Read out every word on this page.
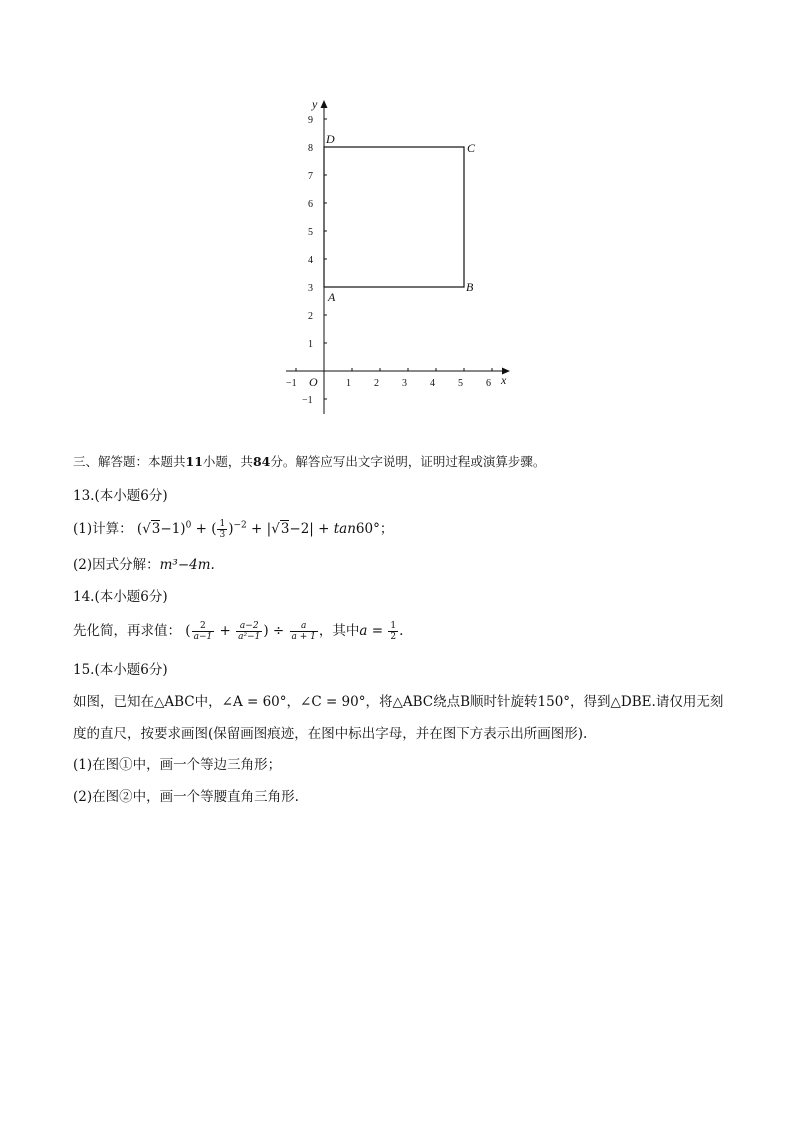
x
y
O
−1	1 2 3 4 5 6
9
8
7
6
5
4
3
2
1
−1
A
B
C
D
三、解答题：本题共11小题，共84分。解答应写出文字说明，证明过程或演算步骤。
13.(本小题6分)
(1)计算： $(√3-1)^0$ + ( $\frac{1}{3} )^{-2} + |√3-2| + \tan 60^\circ$；
(2)因式分解：m³−4m.
14.(本小题6分)
先化简，再求值： ( $\frac{2}{a-1} + \frac{a-2}{\text{a²−1}}$ ) ÷ $\frac{a}{a + 1}$ ，其中$a = \frac{1}{2}$ .
15.(本小题6分)
如图，已知在△ABC中，∠A = 60°，∠C = 90°，将△ABC绕点B顺时针旋转150°，得到△DBE.请仅用无刻
度的直尺，按要求画图(保留画图痕迹，在图中标出字母，并在图下方表示出所画图形).
(1)在图①中，画一个等边三角形；
(2)在图②中，画一个等腰直角三角形.
